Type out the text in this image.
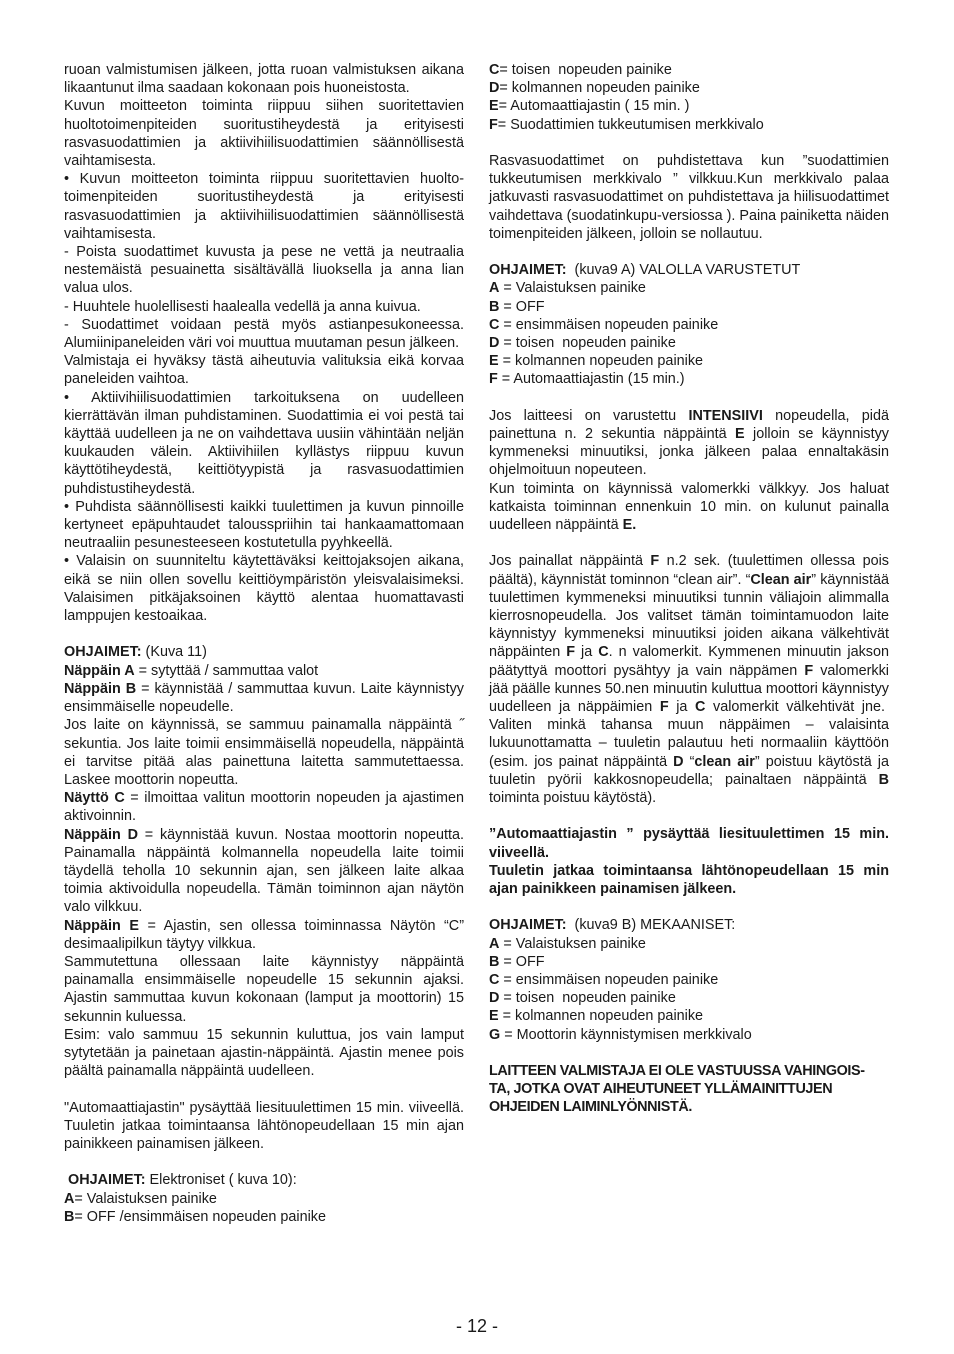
ruoan valmistumisen jälkeen, jotta ruoan valmistuksen aikana likaantunut ilma saadaan kokonaan pois huoneistosta.

Kuvun moitteeton toiminta riippuu siihen suoritettavien huoltotoimenpiteiden suoritustiheydestä ja erityisesti rasvasuodattimien ja aktiivihiilisuodattimien säännöllisestä vaihtamisesta.

• Kuvun moitteeton toiminta riippuu suoritettavien huolto-toimenpiteiden suoritustiheydestä ja erityisesti rasvasuodattimien ja aktiivihiilisuodattimien säännöllisestä vaihtamisesta.

- Poista suodattimet kuvusta ja pese ne vettä ja neutraalia nestemäistä pesuainetta sisältävällä liuoksella ja anna lian valua ulos.

- Huuhtele huolellisesti haalealla vedellä ja anna kuivua.

- Suodattimet voidaan pestä myös astianpesukoneessa. Alumiinipaneleiden väri voi muuttua muutaman pesun jälkeen.

Valmistaja ei hyväksy tästä aiheutuvia valituksia eikä korvaa paneleiden vaihtoa.

• Aktiivihiilisuodattimien tarkoituksena on uudelleen kierrättävän ilman puhdistaminen. Suodattimia ei voi pestä tai käyttää uudelleen ja ne on vaihdettava uusiin vähintään neljän kuukauden välein. Aktiivihiilen kyllästys riippuu kuvun käyttötiheydestä, keittiötyypistä ja rasvasuodattimien puhdistustiheydestä.

• Puhdista säännöllisesti kaikki tuulettimen ja kuvun pinnoille kertyneet epäpuhtaudet talousspriihin tai hankaamattomaan neutraaliin pesunesteeseen kostutetulla pyyhkeellä.

• Valaisin on suunniteltu käytettäväksi keittojaksojen aikana, eikä se niin ollen sovellu keittiöympäristön yleisvalaisimeksi. Valaisimen pitkäjaksoinen käyttö alentaa huomattavasti lamppujen kestoaikaa.

OHJAIMET: (Kuva 11)

Näppäin A = sytyttää / sammuttaa valot

Näppäin B = käynnistää / sammuttaa kuvun. Laite käynnistyy ensimmäiselle nopeudelle.

Jos laite on käynnissä, se sammuu painamalla näppäintä ˝ sekuntia. Jos laite toimii ensimmäisellä nopeudella, näppäintä ei tarvitse pitää alas painettuna laitetta sammutettaessa. Laskee moottorin nopeutta.

Näyttö C = ilmoittaa valitun moottorin nopeuden ja ajastimen aktivoinnin.

Näppäin D = käynnistää kuvun. Nostaa moottorin nopeutta. Painamalla näppäintä kolmannella nopeudella laite toimii täydellä teholla 10 sekunnin ajan, sen jälkeen laite alkaa toimia aktivoidulla nopeudella. Tämän toiminnon ajan näytön valo vilkkuu.

Näppäin E = Ajastin, sen ollessa toiminnassa Näytön “C” desimaalipilkun täytyy vilkkua.

Sammutettuna ollessaan laite käynnistyy näppäintä painamalla ensimmäiselle nopeudelle 15 sekunnin ajaksi. Ajastin sammuttaa kuvun kokonaan (lamput ja moottorin) 15 sekunnin kuluessa.

Esim: valo sammuu 15 sekunnin kuluttua, jos vain lamput sytytetään ja painetaan ajastin-näppäintä. Ajastin menee pois päältä painamalla näppäintä uudelleen.

"Automaattiajastin" pysäyttää liesituulettimen 15 min. viiveellä. Tuuletin jatkaa toimintaansa lähtönopeudellaan 15 min ajan painikkeen painamisen jälkeen.

OHJAIMET: Elektroniset ( kuva 10):

A= Valaistuksen painike

B= OFF /ensimmäisen nopeuden painike

C= toisen  nopeuden painike

D= kolmannen nopeuden painike

E= Automaattiajastin ( 15 min. )

F= Suodattimien tukkeutumisen merkkivalo

Rasvasuodattimet on puhdistettava kun ”suodattimien tukkeutumisen merkkivalo ” vilkkuu.Kun merkkivalo palaa jatkuvasti rasvasuodattimet on puhdistettava ja hiilisuodattimet vaihdettava (suodatinkupu-versiossa ). Paina painiketta näiden toimenpiteiden jälkeen, jolloin se nollautuu.

OHJAIMET:  (kuva9 A) VALOLLA VARUSTETUT

A = Valaistuksen painike

B = OFF

C = ensimmäisen nopeuden painike

D = toisen  nopeuden painike

E = kolmannen nopeuden painike

F = Automaattiajastin (15 min.)

Jos laitteesi on varustettu INTENSIIVI nopeudella, pidä painettuna n. 2 sekuntia näppäintä E jolloin se käynnistyy kymmeneksi minuutiksi, jonka jälkeen palaa ennaltakäsin ohjelmoituun nopeuteen.

Kun toiminta on käynnissä valomerkki välkkyy. Jos haluat katkaista toiminnan ennenkuin 10 min. on kulunut painalla uudelleen näppäintä E.

Jos painallat näppäintä F n.2 sek. (tuulettimen ollessa pois päältä), käynnistät tominnon “clean air”. “Clean air” käynnistää tuulettimen kymmeneksi minuutiksi tunnin väliajoin alimmalla kierrosnopeudella. Jos valitset tämän toimintamuodon laite käynnistyy kymmeneksi minuutiksi joiden aikana välkehtivät näppäinten F ja C. n valomerkit. Kymmenen minuutin jakson päätyttyä moottori pysähtyy ja vain näppämen F valomerkki jää päälle kunnes 50.nen minuutin kuluttua moottori käynnistyy uudelleen ja näppäimien F ja C valomerkit välkehtivät jne.  Valiten minkä tahansa muun näppäimen – valaisinta lukuunottamatta – tuuletin palautuu heti normaaliin käyttöön (esim. jos painat näppäintä D “clean air” poistuu käytöstä ja tuuletin pyörii kakkosnopeudella; painaltaen näppäintä B toiminta poistuu käytöstä).

”Automaattiajastin ” pysäyttää liesituulettimen 15 min. viiveellä.

Tuuletin jatkaa toimintaansa lähtönopeudellaan 15 min ajan painikkeen painamisen jälkeen.

OHJAIMET:  (kuva9 B) MEKAANISET:

A = Valaistuksen painike

B = OFF

C = ensimmäisen nopeuden painike

D = toisen  nopeuden painike

E = kolmannen nopeuden painike

G = Moottorin käynnistymisen merkkivalo

LAITTEEN VALMISTAJA EI OLE VASTUUSSA VAHINGOIS-
TA, JOTKA OVAT AIHEUTUNEET YLLÄMAINITTUJEN
OHJEIDEN LAIMINLYÖNNISTÄ.

- 12 -
